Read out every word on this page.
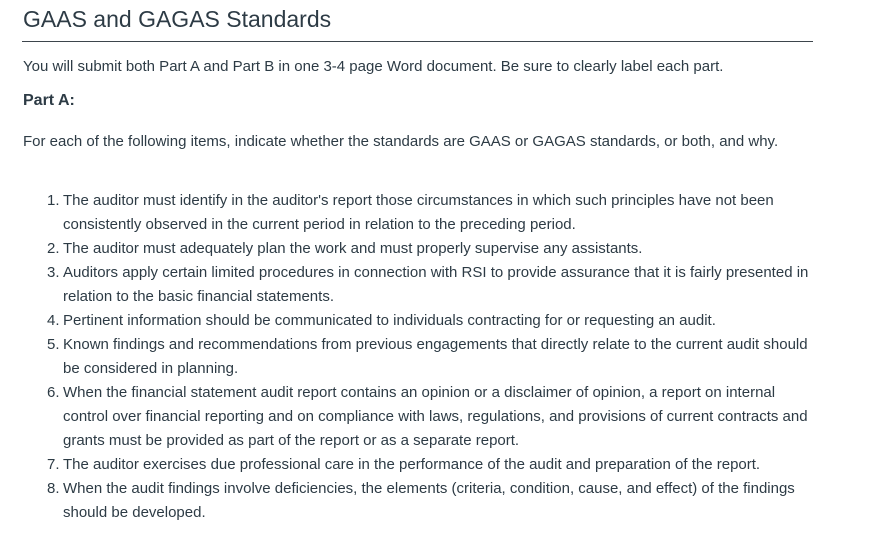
GAAS and GAGAS Standards

You will submit both Part A and Part B in one 3-4 page Word document. Be sure to clearly label each part.

Part A:

For each of the following items, indicate whether the standards are GAAS or GAGAS standards, or both, and why.

1. The auditor must identify in the auditor's report those circumstances in which such principles have not been consistently observed in the current period in relation to the preceding period.
2. The auditor must adequately plan the work and must properly supervise any assistants.
3. Auditors apply certain limited procedures in connection with RSI to provide assurance that it is fairly presented in relation to the basic financial statements.
4. Pertinent information should be communicated to individuals contracting for or requesting an audit.
5. Known findings and recommendations from previous engagements that directly relate to the current audit should be considered in planning.
6. When the financial statement audit report contains an opinion or a disclaimer of opinion, a report on internal control over financial reporting and on compliance with laws, regulations, and provisions of current contracts and grants must be provided as part of the report or as a separate report.
7. The auditor exercises due professional care in the performance of the audit and preparation of the report.
8. When the audit findings involve deficiencies, the elements (criteria, condition, cause, and effect) of the findings should be developed.
